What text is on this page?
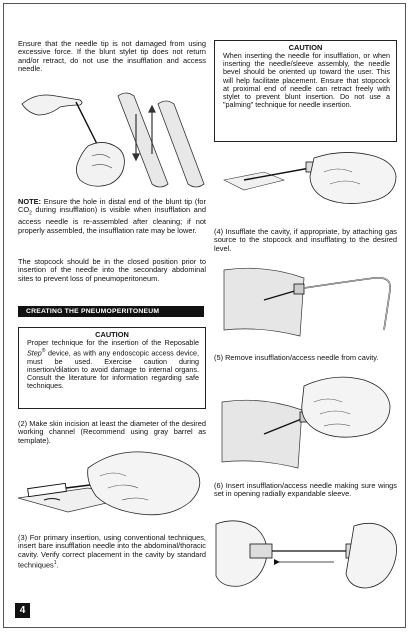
Ensure that the needle tip is not damaged from using excessive force. If the blunt stylet tip does not return and/or retract, do not use the insufflation and access needle.
NOTE: Ensure the hole in distal end of the blunt tip (for $CO_2$ during insufflation) is visible when insufflation and access needle is re-assembled after cleaning; if not properly assembled, the insufflation rate may be lower.
The stopcock should be in the closed position prior to insertion of the needle into the secondary abdominal sites to prevent loss of pneumoperitoneum.
CREATING THE PNEUMOPERITONEUM
CAUTION
Proper technique for the insertion of the Reposable Step® device, as with any endoscopic access device, must be used. Exercise caution during insertion/dilation to avoid damage to internal organs. Consult the literature for information regarding safe techniques.
(2) Make skin incision at least the diameter of the desired working channel (Recommend using gray barrel as template).
(3) For primary insertion, using conventional techniques, insert bare insufflation needle into the abdominal/thoracic cavity. Verify correct placement in the cavity by standard techniques$^1$.
4
CAUTION
When inserting the needle for insufflation, or when inserting the needle/sleeve assembly, the needle bevel should be oriented up toward the user. This will help facilitate placement. Ensure that stopcock at proximal end of needle can retract freely with stylet to prevent blunt insertion. Do not use a "palming" technique for needle insertion.
(4) Insufflate the cavity, if appropriate, by attaching gas source to the stopcock and insufflating to the desired level.
(5) Remove insufflation/access needle from cavity.
(6) Insert insufflation/access needle making sure wings set in opening radially expandable sleeve.
